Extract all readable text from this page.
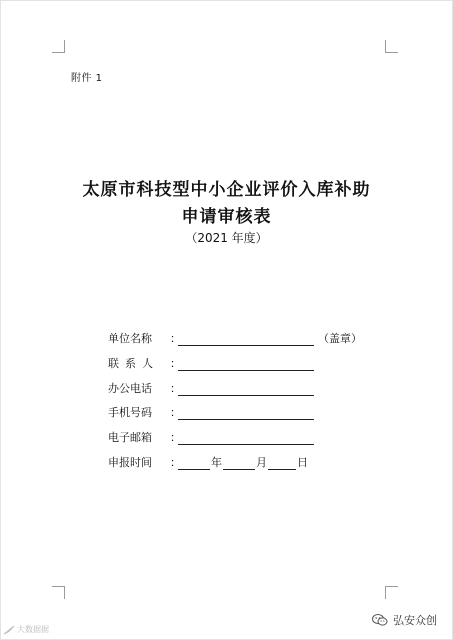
附件 1
太原市科技型中小企业评价入库补助
申请审核表
（2021 年度）
单位名称	：	（盖章）
联系人	：
办公电话	：
手机号码	：
电子邮箱	：
申报时间	：	年	月	日
大数据据
弘安众创
